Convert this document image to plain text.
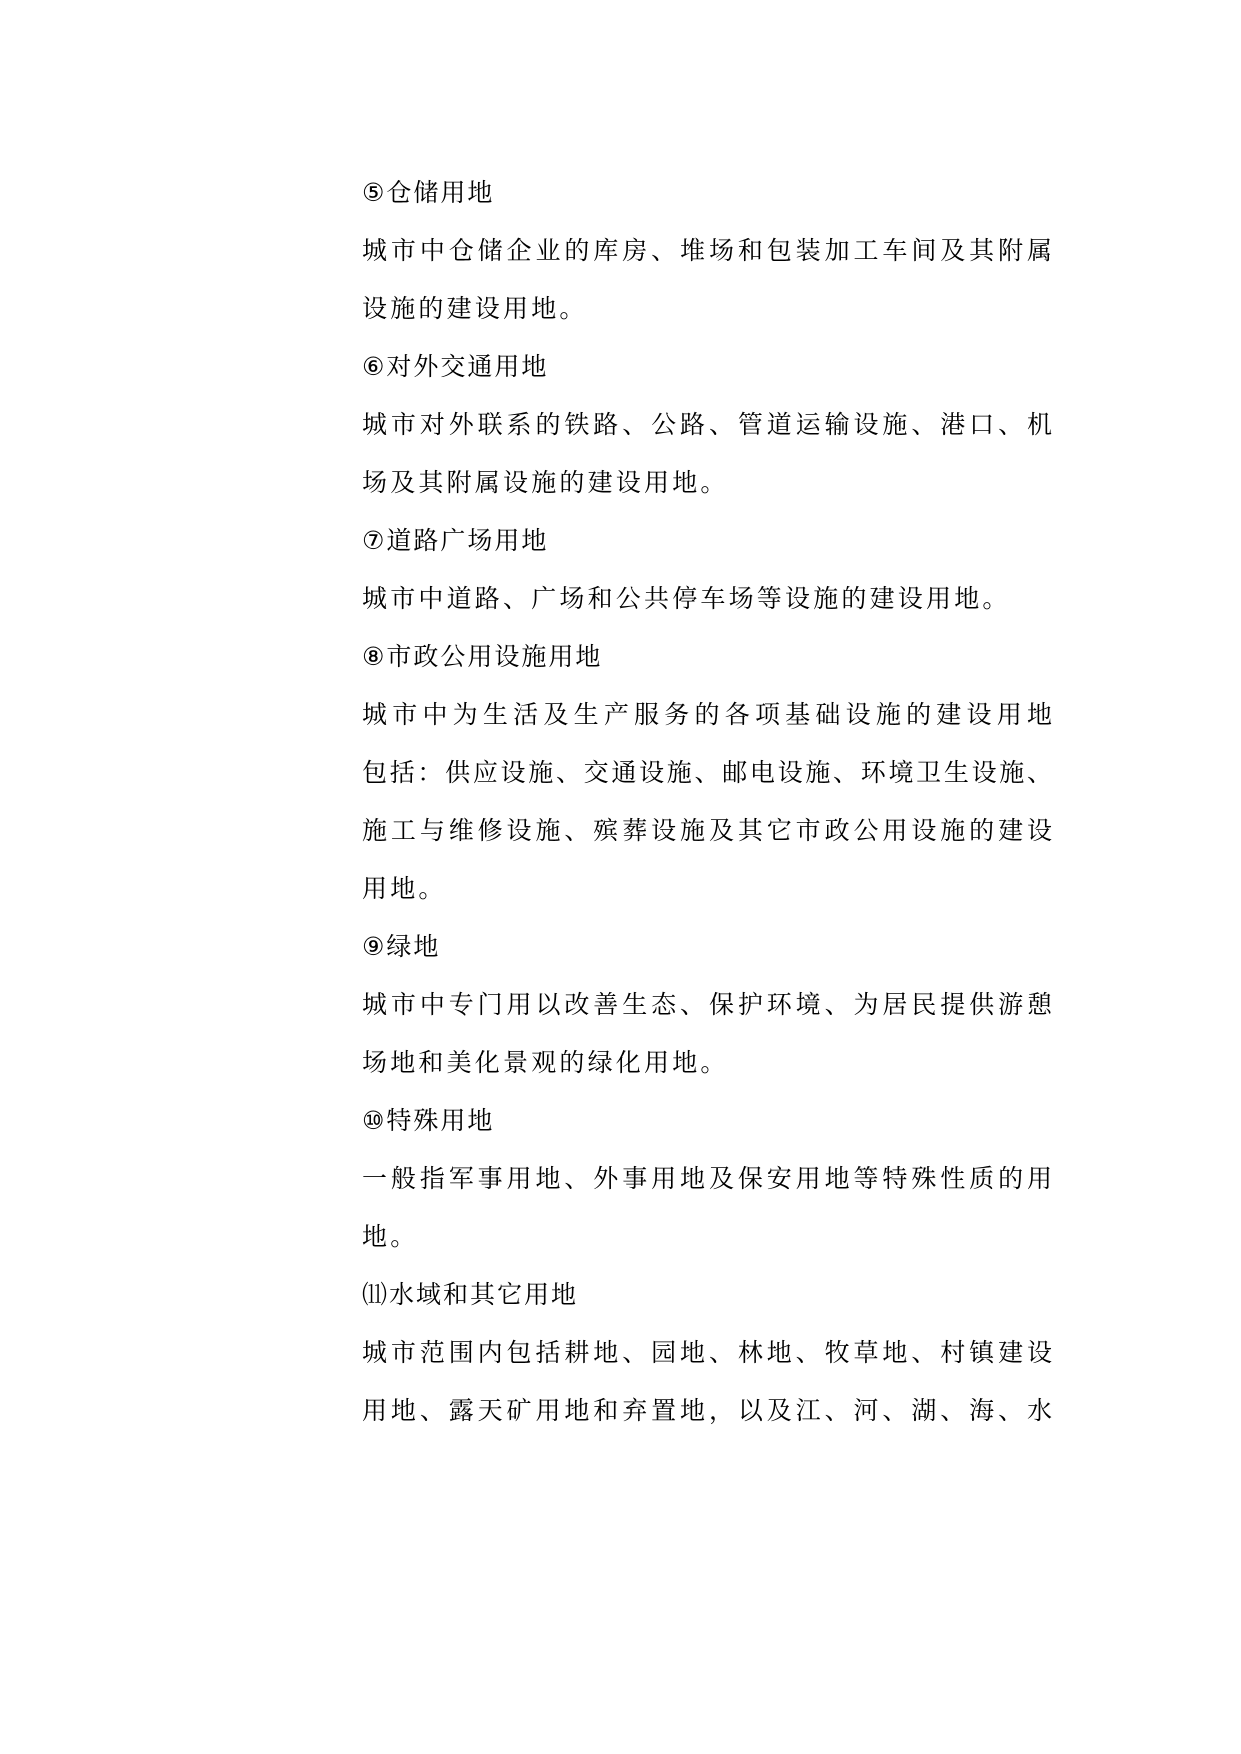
⑤仓储用地
城市中仓储企业的库房、堆场和包装加工车间及其附属
设施的建设用地。
⑥对外交通用地
城市对外联系的铁路、公路、管道运输设施、港口、机
场及其附属设施的建设用地。
⑦道路广场用地
城市中道路、广场和公共停车场等设施的建设用地。
⑧市政公用设施用地
城市中为生活及生产服务的各项基础设施的建设用地
包括：供应设施、交通设施、邮电设施、环境卫生设施、
施工与维修设施、殡葬设施及其它市政公用设施的建设
用地。
⑨绿地
城市中专门用以改善生态、保护环境、为居民提供游憩
场地和美化景观的绿化用地。
⑩特殊用地
一般指军事用地、外事用地及保安用地等特殊性质的用
地。
⑾水域和其它用地
城市范围内包括耕地、园地、林地、牧草地、村镇建设
用地、露天矿用地和弃置地，以及江、河、湖、海、水
